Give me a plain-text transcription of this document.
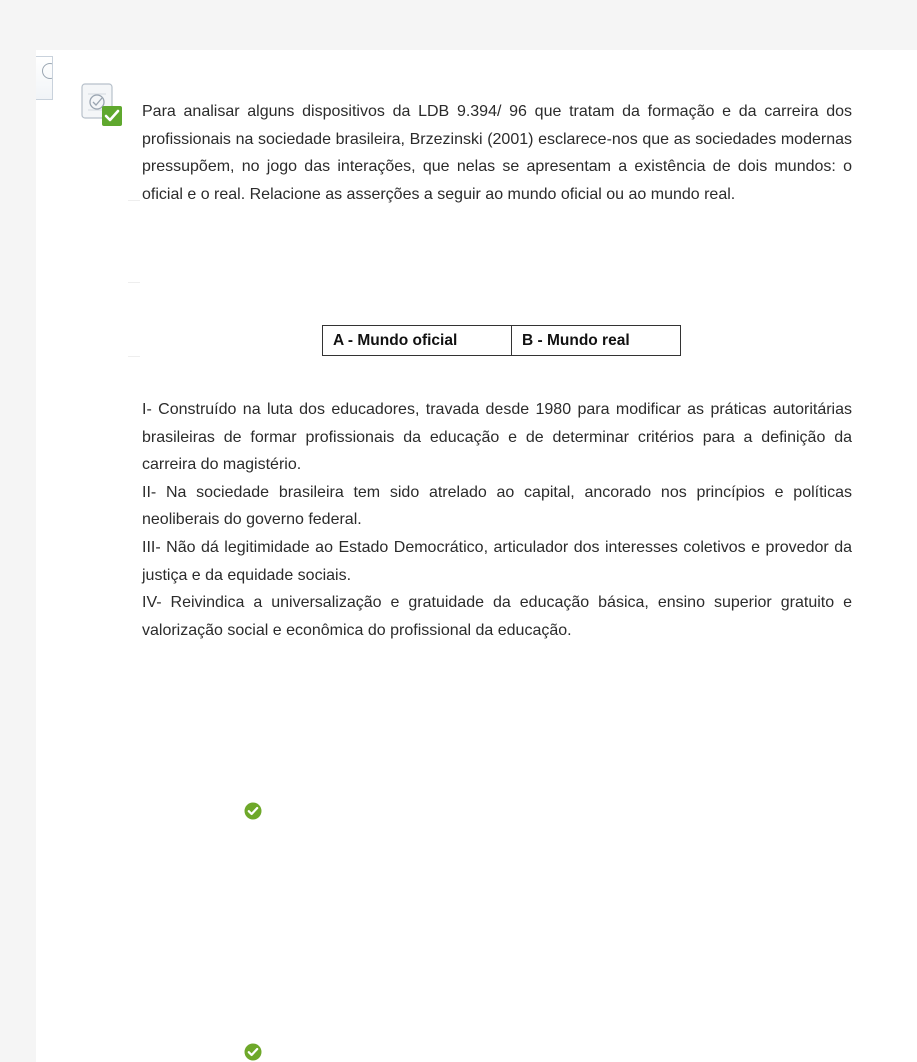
Para analisar alguns dispositivos da LDB 9.394/ 96 que tratam da formação e da carreira dos profissionais na sociedade brasileira, Brzezinski (2001) esclarece-nos que as sociedades modernas pressupõem, no jogo das interações, que nelas se apresentam a existência de dois mundos: o oficial e o real. Relacione as asserções a seguir ao mundo oficial ou ao mundo real.
A - Mundo oficial	B - Mundo real

I- Construído na luta dos educadores, travada desde 1980 para modificar as práticas autoritárias brasileiras de formar profissionais da educação e de determinar critérios para a definição da carreira do magistério.

II- Na sociedade brasileira tem sido atrelado ao capital, ancorado nos princípios e políticas neoliberais do governo federal.

III- Não dá legitimidade ao Estado Democrático, articulador dos interesses coletivos e provedor da justiça e da equidade sociais.

IV- Reivindica a universalização e gratuidade da educação básica, ensino superior gratuito e valorização social e econômica do profissional da educação.
